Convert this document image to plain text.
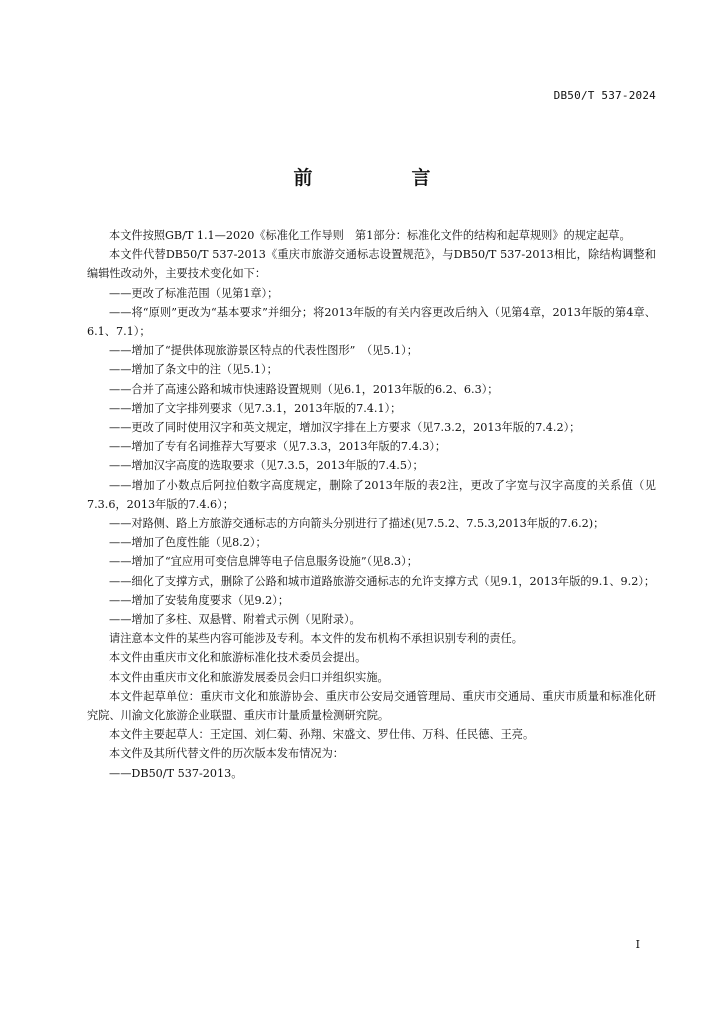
DB50/T 537-2024
前　言

本文件按照GB/T 1.1—2020《标准化工作导则　第1部分：标准化文件的结构和起草规则》的规定起草。

本文件代替DB50/T 537-2013《重庆市旅游交通标志设置规范》，与DB50/T 537-2013相比，除结构调整和编辑性改动外，主要技术变化如下：

——更改了标准范围（见第1章）；

——将“原则”更改为“基本要求”并细分；将2013年版的有关内容更改后纳入（见第4章，2013年版的第4章、6.1、7.1）；

——增加了“提供体现旅游景区特点的代表性图形”　（见5.1）；

——增加了条文中的注（见5.1）；

——合并了高速公路和城市快速路设置规则（见6.1，2013年版的6.2、6.3）；

——增加了文字排列要求（见7.3.1，2013年版的7.4.1）；

——更改了同时使用汉字和英文规定，增加汉字排在上方要求（见7.3.2，2013年版的7.4.2）；

——增加了专有名词推荐大写要求（见7.3.3，2013年版的7.4.3）；

——增加汉字高度的选取要求（见7.3.5，2013年版的7.4.5）；

——增加了小数点后阿拉伯数字高度规定，删除了2013年版的表2注，更改了字宽与汉字高度的关系值（见7.3.6，2013年版的7.4.6）；

——对路侧、路上方旅游交通标志的方向箭头分别进行了描述(见7.5.2、7.5.3,2013年版的7.6.2)；

——增加了色度性能（见8.2）；

——增加了“宜应用可变信息牌等电子信息服务设施”（见8.3）；

——细化了支撑方式，删除了公路和城市道路旅游交通标志的允许支撑方式（见9.1，2013年版的9.1、9.2）；

——增加了安装角度要求（见9.2）；

——增加了多柱、双悬臂、附着式示例（见附录）。

请注意本文件的某些内容可能涉及专利。本文件的发布机构不承担识别专利的责任。

本文件由重庆市文化和旅游标准化技术委员会提出。

本文件由重庆市文化和旅游发展委员会归口并组织实施。

本文件起草单位：重庆市文化和旅游协会、重庆市公安局交通管理局、重庆市交通局、重庆市质量和标准化研究院、川渝文化旅游企业联盟、重庆市计量质量检测研究院。

本文件主要起草人：王定国、刘仁菊、孙翔、宋盛文、罗仕伟、万科、任民德、王亮。

本文件及其所代替文件的历次版本发布情况为：

——DB50/T 537-2013。

I
